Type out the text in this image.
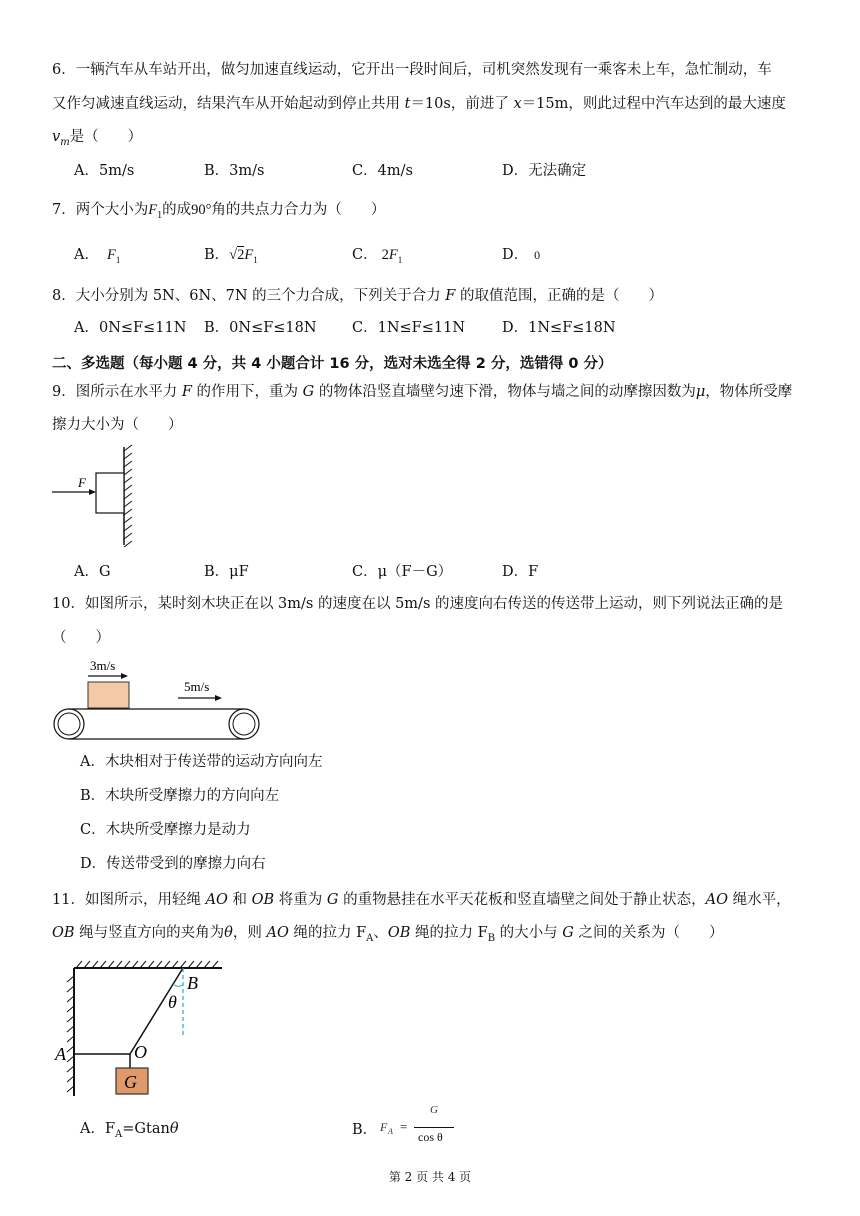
6．一辆汽车从车站开出，做匀加速直线运动，它开出一段时间后，司机突然发现有一乘客未上车，急忙制动，车
又作匀减速直线运动，结果汽车从开始起动到停止共用 t＝10s，前进了 x＝15m，则此过程中汽车达到的最大速度
$v_m$是（　　）
A．5m/s	B．3m/s	C．4m/s	D．无法确定
7．两个大小为$F_1$的成90°角的共点力合力为（　　）
A． $F_1$	B．$√2F_1$	C． $2F_1$	D． 0
8．大小分别为 5N、6N、7N 的三个力合成，下列关于合力 F 的取值范围，正确的是（　　）
A．0N≤F≤11N B．0N≤F≤18N C．1N≤F≤11N	D．1N≤F≤18N
二、多选题（每小题 4 分，共 4 小题合计 16 分，选对未选全得 2 分，选错得 0 分）
9．图所示在水平力 F 的作用下，重为 G 的物体沿竖直墙壁匀速下滑，物体与墙之间的动摩擦因数为μ，物体所受摩
擦力大小为（　　）
F
A．G	B．μF	C．μ（F－G）	D．F
10．如图所示，某时刻木块正在以 3m/s 的速度在以 5m/s 的速度向右传送的传送带上运动，则下列说法正确的是
（　　）
3m/s
5m/s
A．木块相对于传送带的运动方向向左
B．木块所受摩擦力的方向向左
C．木块所受摩擦力是动力
D．传送带受到的摩擦力向右
11．如图所示，用轻绳 AO 和 OB 将重为 G 的重物悬挂在水平天花板和竖直墙壁之间处于静止状态，AO 绳水平，
OB 绳与竖直方向的夹角为θ，则 AO 绳的拉力 $F_A$、OB 绳的拉力 $F_B$ 的大小与 G 之间的关系为（　　）
G
A	O
B
θ
A．$F_A=Gtan\theta$	B． F A =
G
cos θ
第 2 页 共 4 页
